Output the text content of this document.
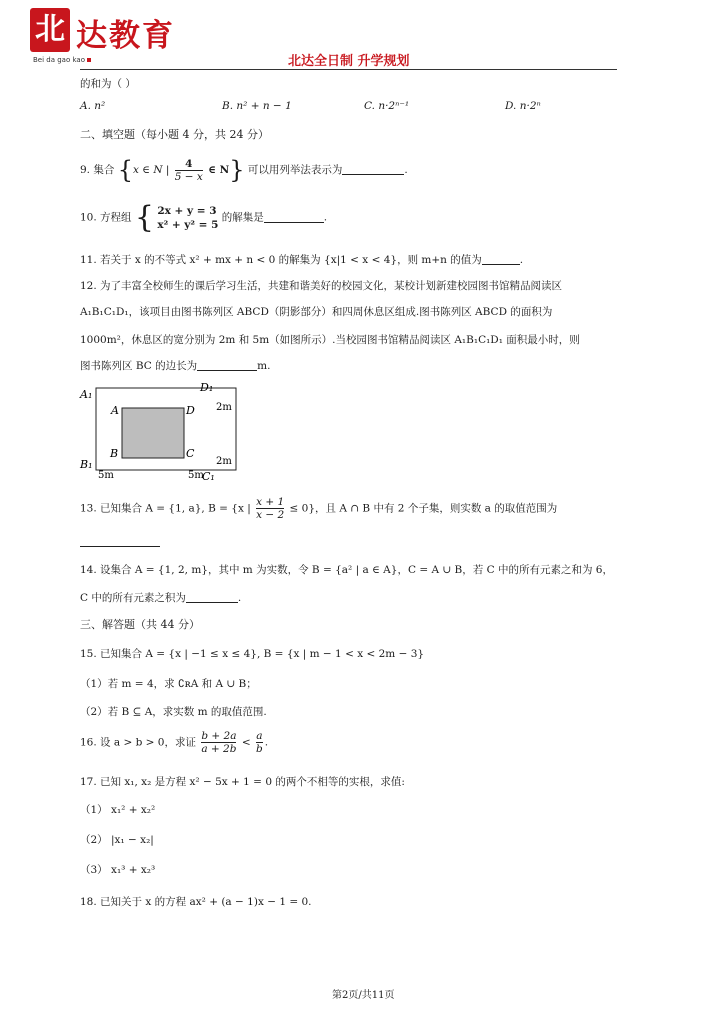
北 达教育
Bei da gao kao	北达全日制 升学规划
的和为（ ）
A. n²	B. n² + n − 1	C. n·2ⁿ⁻¹	D. n·2ⁿ
二、填空题（每小题 4 分，共 24 分）
9. 集合 {x ∈ N | $\frac{4}{5 - x}$ ∈ N} 可以用列举法表示为	.
10. 方程组 { 2x + y = 3
x² + y² = 5
的解集是	.
11. 若关于 x 的不等式 x² + mx + n < 0 的解集为 {x|1 < x < 4}，则 m+n 的值为	.
12. 为了丰富全校师生的课后学习生活，共建和谐美好的校园文化，某校计划新建校园图书馆精品阅读区
A₁B₁C₁D₁，该项目由图书陈列区 ABCD（阴影部分）和四周休息区组成.图书陈列区 ABCD 的面积为
1000m²，休息区的宽分别为 2m 和 5m（如图所示）.当校园图书馆精品阅读区 A₁B₁C₁D₁ 面积最小时，则
图书陈列区 BC 的边长为	m.
A₁
D₁
B₁
C₁
A	D
B	C
2m
2m
5m	5m
13. 已知集合 A = {1, a}, B = {x | $\frac{x + 1}{x - 2} \le 0$}，且 A ∩ B 中有 2 个子集，则实数 a 的取值范围为
14. 设集合 A = {1, 2, m}，其中 m 为实数，令 B = {a² | a ∈ A}，C = A ∪ B，若 C 中的所有元素之和为 6，
C 中的所有元素之积为	.
三、解答题（共 44 分）
15. 已知集合 A = {x | −1 ≤ x ≤ 4}, B = {x | m − 1 < x < 2m − 3}
（1）若 m = 4，求 ∁ʀA 和 A ∪ B；
（2）若 B ⊆ A，求实数 m 的取值范围.
16. 设 a > b > 0，求证 $\frac{b + 2a}{a + 2b} < \frac{a}{b}$ .
17. 已知 x₁, x₂ 是方程 x² − 5x + 1 = 0 的两个不相等的实根，求值:
（1） x₁² + x₂²
（2） |x₁ − x₂|
（3） x₁³ + x₂³
18. 已知关于 x 的方程 ax² + (a − 1)x − 1 = 0.
第2页/共11页
